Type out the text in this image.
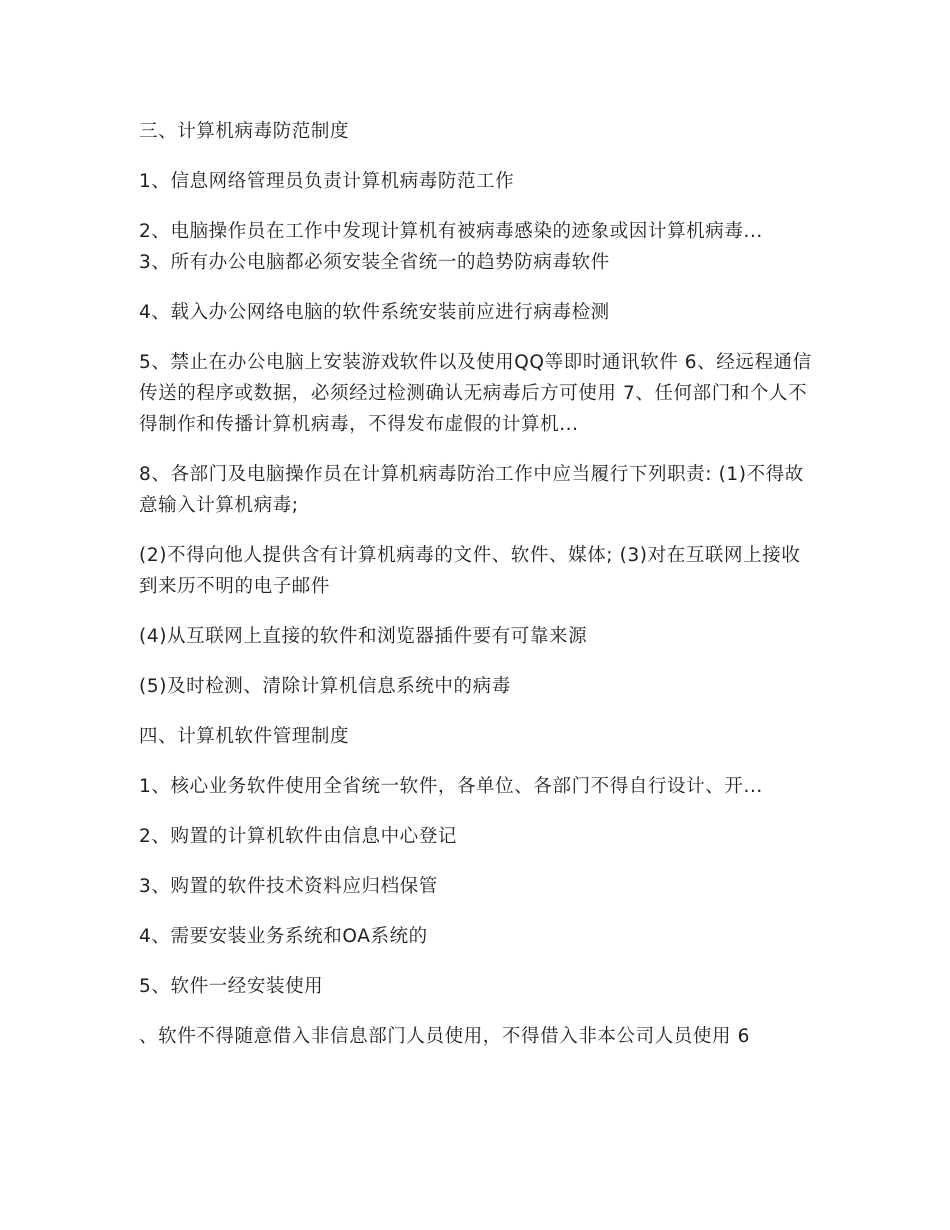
三、计算机病毒防范制度

1、信息网络管理员负责计算机病毒防范工作

2、电脑操作员在工作中发现计算机有被病毒感染的迹象或因计算机病毒... 3、所有办公电脑都必须安装全省统一的趋势防病毒软件

4、载入办公网络电脑的软件系统安装前应进行病毒检测

5、禁止在办公电脑上安装游戏软件以及使用QQ等即时通讯软件 6、经远程通信传送的程序或数据，必须经过检测确认无病毒后方可使用 7、任何部门和个人不得制作和传播计算机病毒，不得发布虚假的计算机...

8、各部门及电脑操作员在计算机病毒防治工作中应当履行下列职责: (1)不得故意输入计算机病毒;

(2)不得向他人提供含有计算机病毒的文件、软件、媒体; (3)对在互联网上接收到来历不明的电子邮件

(4)从互联网上直接的软件和浏览器插件要有可靠来源

(5)及时检测、清除计算机信息系统中的病毒

四、计算机软件管理制度

1、核心业务软件使用全省统一软件，各单位、各部门不得自行设计、开...

2、购置的计算机软件由信息中心登记

3、购置的软件技术资料应归档保管

4、需要安装业务系统和OA系统的

5、软件一经安装使用

、软件不得随意借入非信息部门人员使用，不得借入非本公司人员使用 6
